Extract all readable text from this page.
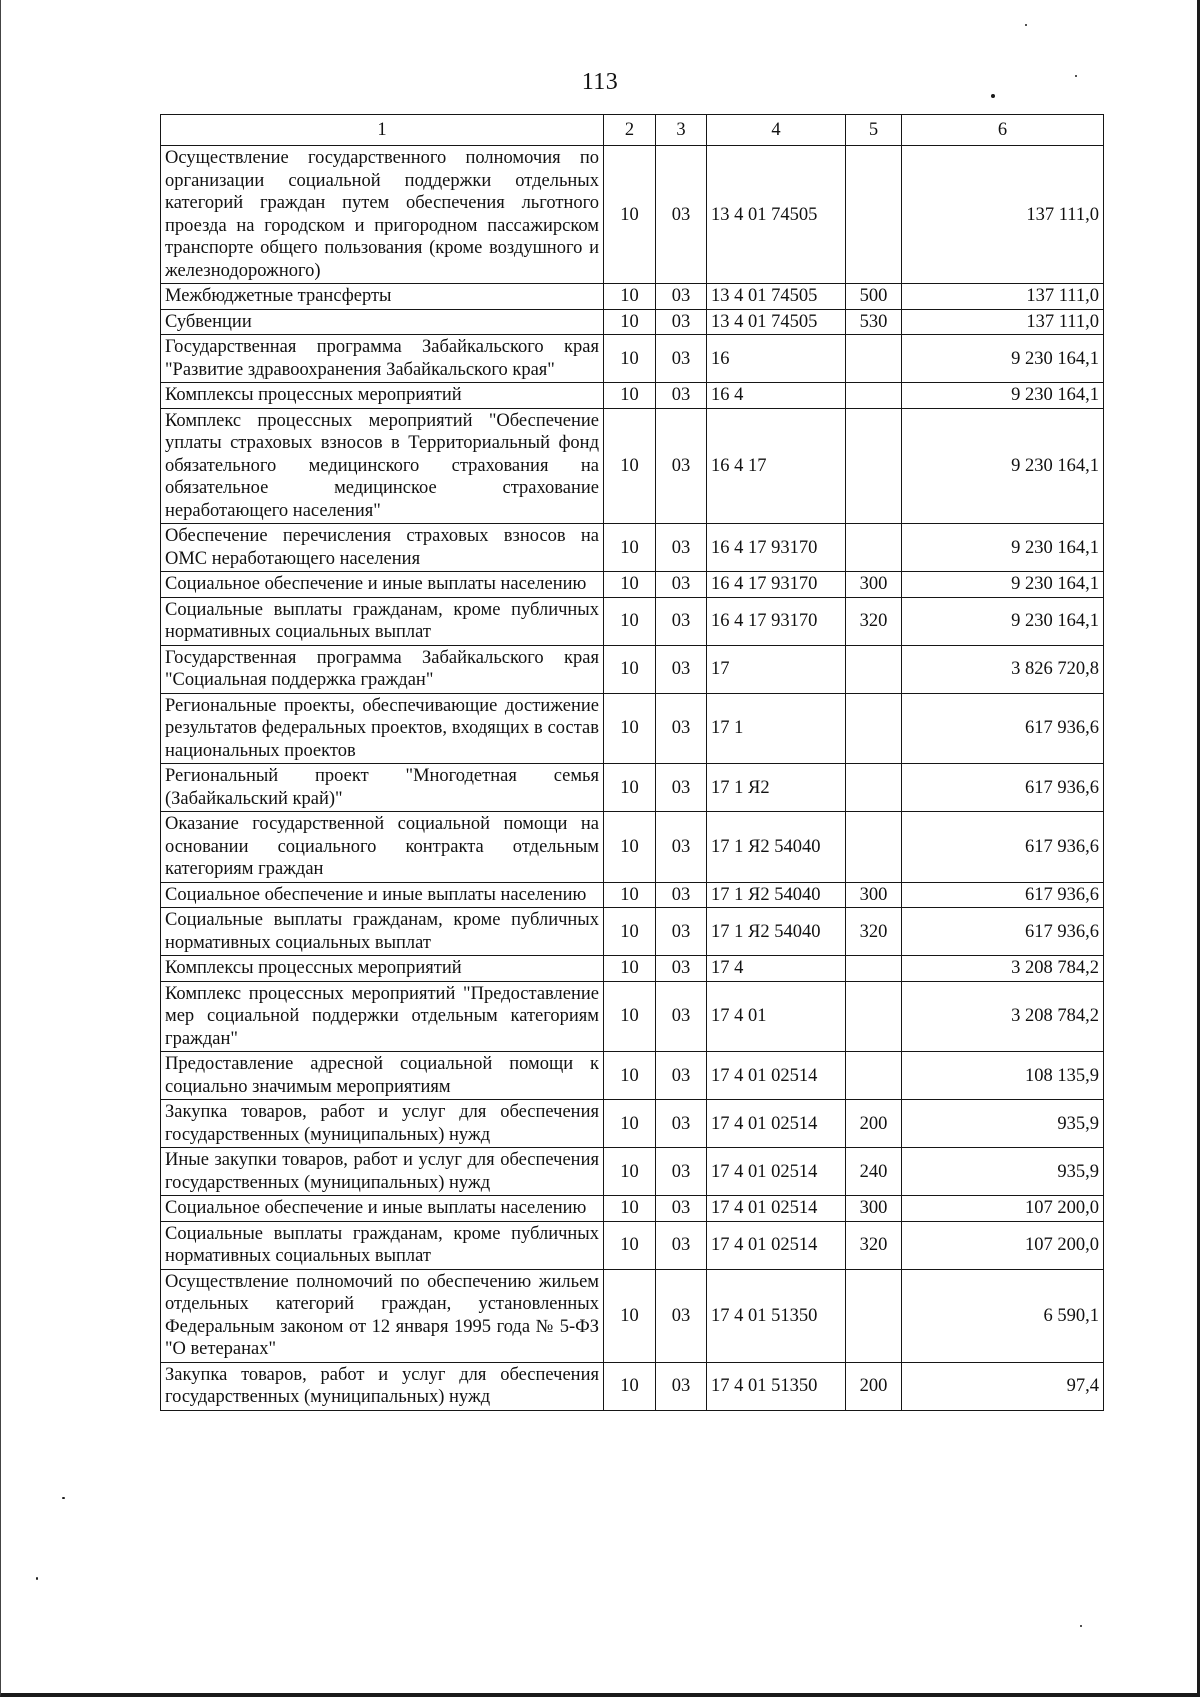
113
1	2	3	4	5	6
Осуществление государственного полномочия по организации социальной поддержки отдельных категорий граждан путем обеспечения льготного проезда на городском и пригородном пассажирском транспорте общего пользования (кроме воздушного и железнодорожного)	10	03	13 4 01 74505		137 111,0
Межбюджетные трансферты	10	03	13 4 01 74505	500	137 111,0
Субвенции	10	03	13 4 01 74505	530	137 111,0
Государственная программа Забайкальского края "Развитие здравоохранения Забайкальского края"	10	03	16		9 230 164,1
Комплексы процессных мероприятий	10	03	16 4		9 230 164,1
Комплекс процессных мероприятий "Обеспечение уплаты страховых взносов в Территориальный фонд обязательного медицинского страхования на обязательное медицинское страхование неработающего населения"	10	03	16 4 17		9 230 164,1
Обеспечение перечисления страховых взносов на ОМС неработающего населения	10	03	16 4 17 93170		9 230 164,1
Социальное обеспечение и иные выплаты населению	10	03	16 4 17 93170	300	9 230 164,1
Социальные выплаты гражданам, кроме публичных нормативных социальных выплат	10	03	16 4 17 93170	320	9 230 164,1
Государственная программа Забайкальского края "Социальная поддержка граждан"	10	03	17		3 826 720,8
Региональные проекты, обеспечивающие достижение результатов федеральных проектов, входящих в состав национальных проектов	10	03	17 1		617 936,6
Региональный проект "Многодетная семья (Забайкальский край)"	10	03	17 1 Я2		617 936,6
Оказание государственной социальной помощи на основании социального контракта отдельным категориям граждан	10	03	17 1 Я2 54040		617 936,6
Социальное обеспечение и иные выплаты населению	10	03	17 1 Я2 54040	300	617 936,6
Социальные выплаты гражданам, кроме публичных нормативных социальных выплат	10	03	17 1 Я2 54040	320	617 936,6
Комплексы процессных мероприятий	10	03	17 4		3 208 784,2
Комплекс процессных мероприятий "Предоставление мер социальной поддержки отдельным категориям граждан"	10	03	17 4 01		3 208 784,2
Предоставление адресной социальной помощи к социально значимым мероприятиям	10	03	17 4 01 02514		108 135,9
Закупка товаров, работ и услуг для обеспечения государственных (муниципальных) нужд	10	03	17 4 01 02514	200	935,9
Иные закупки товаров, работ и услуг для обеспечения государственных (муниципальных) нужд	10	03	17 4 01 02514	240	935,9
Социальное обеспечение и иные выплаты населению	10	03	17 4 01 02514	300	107 200,0
Социальные выплаты гражданам, кроме публичных нормативных социальных выплат	10	03	17 4 01 02514	320	107 200,0
Осуществление полномочий по обеспечению жильем отдельных категорий граждан, установленных Федеральным законом от 12 января 1995 года № 5-ФЗ "О ветеранах"	10	03	17 4 01 51350		6 590,1
Закупка товаров, работ и услуг для обеспечения государственных (муниципальных) нужд	10	03	17 4 01 51350	200	97,4
